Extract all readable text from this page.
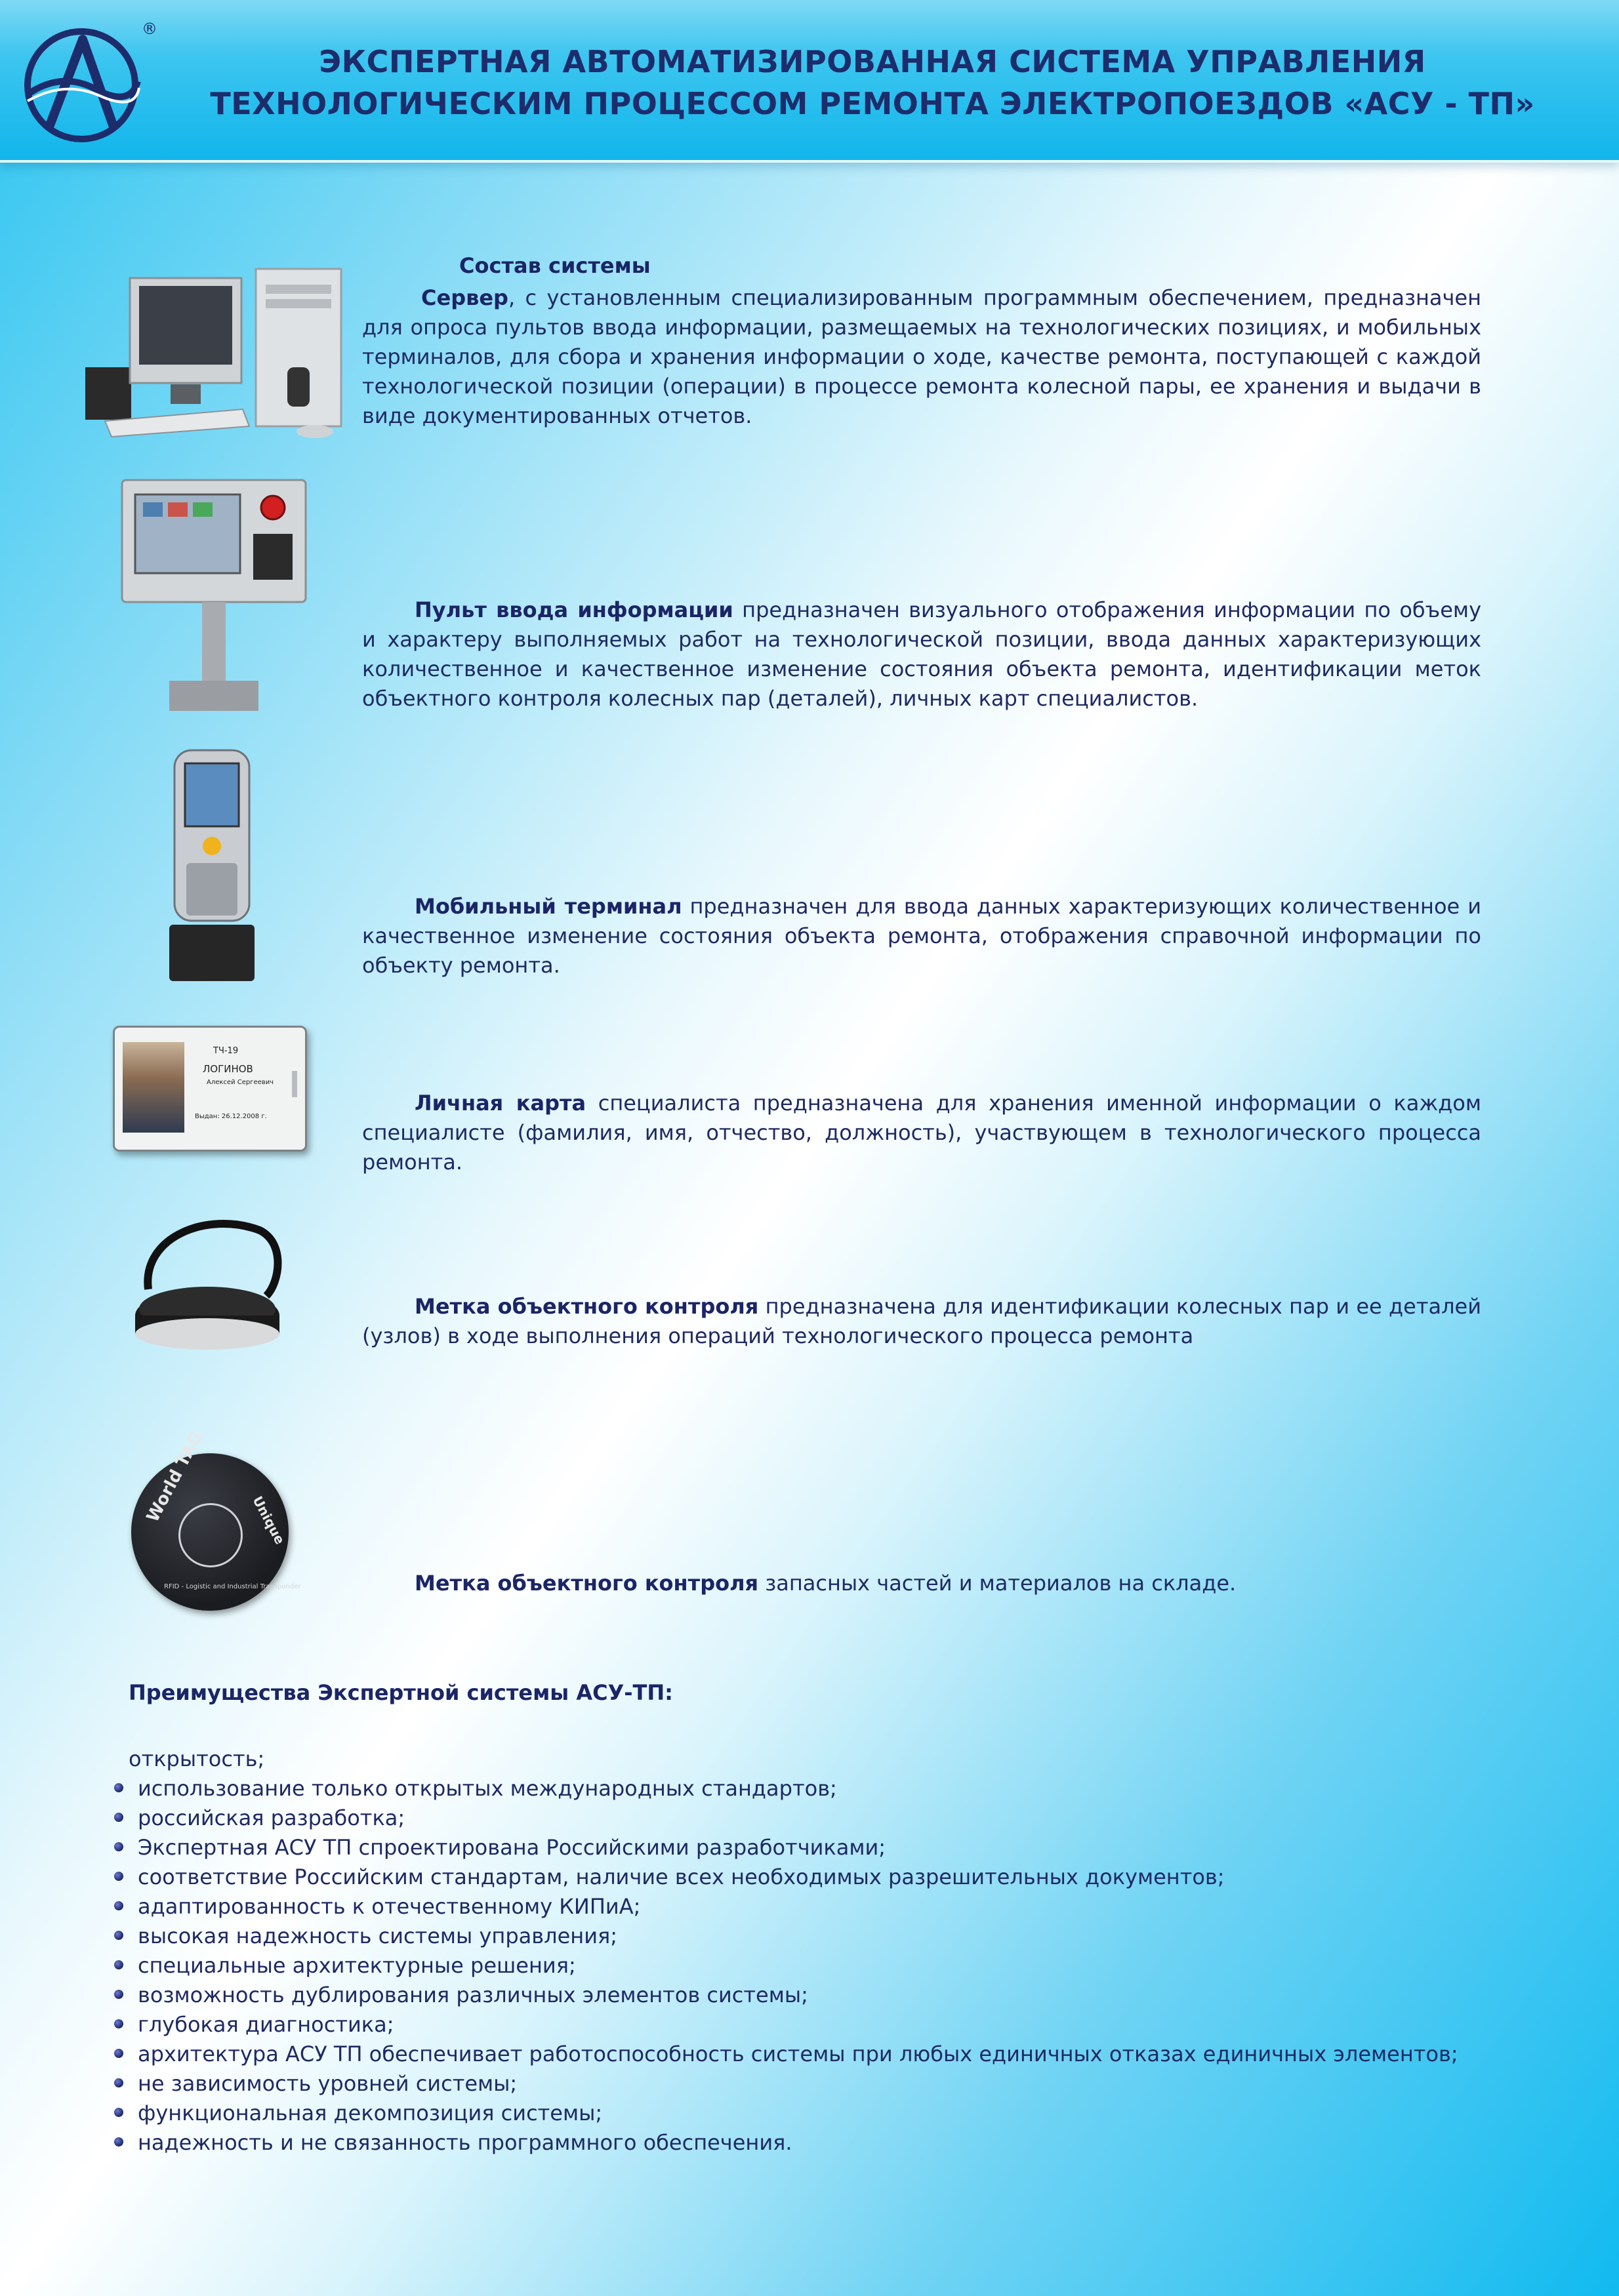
®
ЭКСПЕРТНАЯ АВТОМАТИЗИРОВАННАЯ СИСТЕМА УПРАВЛЕНИЯ
ТЕХНОЛОГИЧЕСКИМ ПРОЦЕССОМ РЕМОНТА ЭЛЕКТРОПОЕЗДОВ «АСУ - ТП»
Состав системы
Сервер, с установленным специализированным программным обеспечением, предназначен для опроса пультов ввода информации, размещаемых на технологических позициях, и мобильных терминалов, для сбора и хранения информации о ходе, качестве ремонта, поступающей с каждой технологической позиции (операции) в процессе ремонта колесной пары, ее хранения и выдачи в виде документированных отчетов.
Пульт ввода информации предназначен визуального отображения информации по объему и характеру выполняемых работ на технологической позиции, ввода данных характеризующих количественное и качественное изменение состояния объекта ремонта, идентификации меток объектного контроля колесных пар (деталей), личных карт специалистов.
Мобильный терминал предназначен для ввода данных характеризующих количественное и качественное изменение состояния объекта ремонта, отображения справочной информации по объекту ремонта.
ТЧ-19
ЛОГИНОВ
Алексей Сергеевич
Выдан: 26.12.2008 г.
Личная карта специалиста предназначена для хранения именной информации о каждом специалисте (фамилия, имя, отчество, должность), участвующем в технологического процесса ремонта.
Метка объектного контроля предназначена для идентификации колесных пар и ее деталей (узлов) в ходе выполнения операций технологического процесса ремонта
World TAG	Unique
RFID - Logistic and Industrial Transponder	Метка объектного контроля запасных частей и материалов на складе.
Преимущества Экспертной системы АСУ-ТП:
открытость;
использование только открытых международных стандартов;
российская разработка;
Экспертная АСУ ТП спроектирована Российскими разработчиками;
соответствие Российским стандартам, наличие всех необходимых разрешительных документов;
адаптированность к отечественному КИПиА;
высокая надежность системы управления;
специальные архитектурные решения;
возможность дублирования различных элементов системы;
глубокая диагностика;
архитектура АСУ ТП обеспечивает работоспособность системы при любых единичных отказах единичных элементов;
не зависимость уровней системы;
функциональная декомпозиция системы;
надежность и не связанность программного обеспечения.
